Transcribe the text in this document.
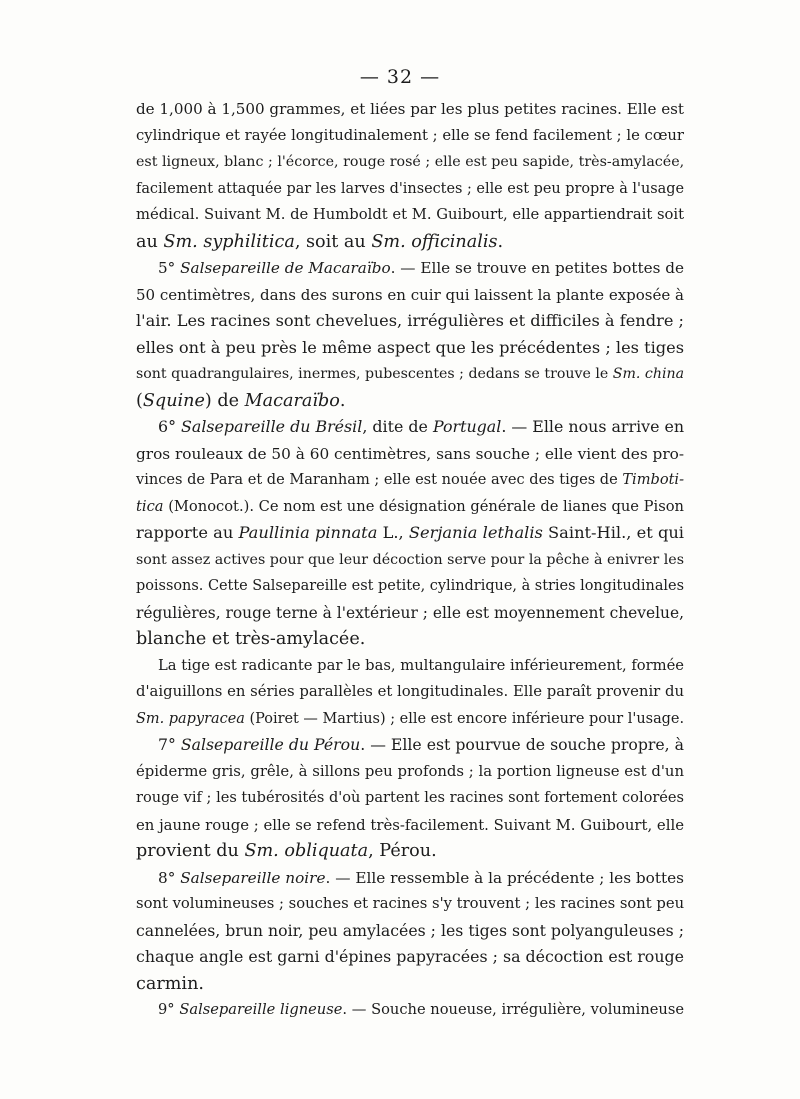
— 32 —
de 1,000 à 1,500 grammes, et liées par les plus petites racines. Elle est
cylindrique et rayée longitudinalement ; elle se fend facilement ; le cœur
est ligneux, blanc ; l'écorce, rouge rosé ; elle est peu sapide, très-amylacée,
facilement attaquée par les larves d'insectes ; elle est peu propre à l'usage
médical. Suivant M. de Humboldt et M. Guibourt, elle appartiendrait soit
au Sm. syphilitica, soit au Sm. officinalis.
5° Salsepareille de Macaraïbo. — Elle se trouve en petites bottes de
50 centimètres, dans des surons en cuir qui laissent la plante exposée à
l'air. Les racines sont chevelues, irrégulières et difficiles à fendre ;
elles ont à peu près le même aspect que les précédentes ; les tiges
sont quadrangulaires, inermes, pubescentes ; dedans se trouve le Sm. china
(Squine) de Macaraïbo.
6° Salsepareille du Brésil, dite de Portugal. — Elle nous arrive en
gros rouleaux de 50 à 60 centimètres, sans souche ; elle vient des pro-
vinces de Para et de Maranham ; elle est nouée avec des tiges de Timboti-
tica (Monocot.). Ce nom est une désignation générale de lianes que Pison
rapporte au Paullinia pinnata L., Serjania lethalis Saint-Hil., et qui
sont assez actives pour que leur décoction serve pour la pêche à enivrer les
poissons. Cette Salsepareille est petite, cylindrique, à stries longitudinales
régulières, rouge terne à l'extérieur ; elle est moyennement chevelue,
blanche et très-amylacée.
La tige est radicante par le bas, multangulaire inférieurement, formée
d'aiguillons en séries parallèles et longitudinales. Elle paraît provenir du
Sm. papyracea (Poiret — Martius) ; elle est encore inférieure pour l'usage.
7° Salsepareille du Pérou. — Elle est pourvue de souche propre, à
épiderme gris, grêle, à sillons peu profonds ; la portion ligneuse est d'un
rouge vif ; les tubérosités d'où partent les racines sont fortement colorées
en jaune rouge ; elle se refend très-facilement. Suivant M. Guibourt, elle
provient du Sm. obliquata, Pérou.
8° Salsepareille noire. — Elle ressemble à la précédente ; les bottes
sont volumineuses ; souches et racines s'y trouvent ; les racines sont peu
cannelées, brun noir, peu amylacées ; les tiges sont polyanguleuses ;
chaque angle est garni d'épines papyracées ; sa décoction est rouge
carmin.
9° Salsepareille ligneuse. — Souche noueuse, irrégulière, volumineuse
